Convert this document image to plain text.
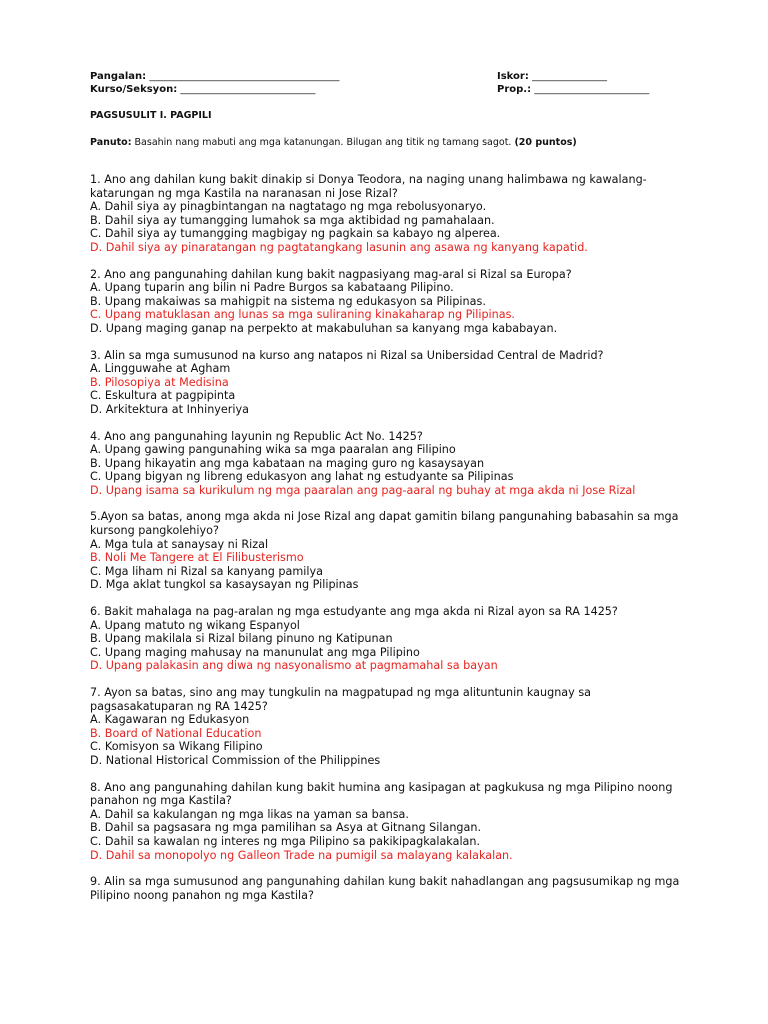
Pangalan: ______________________________________	Iskor: _______________
Kurso/Seksyon: ___________________________	Prop.: _______________________
PAGSUSULIT I. PAGPILI
Panuto: Basahin nang mabuti ang mga katanungan. Bilugan ang titik ng tamang sagot. (20 puntos)

1. Ano ang dahilan kung bakit dinakip si Donya Teodora, na naging unang halimbawa ng kawalang-katarungan ng mga Kastila na naranasan ni Jose Rizal?

A. Dahil siya ay pinagbintangan na nagtatago ng mga rebolusyonaryo.

B. Dahil siya ay tumangging lumahok sa mga aktibidad ng pamahalaan.

C. Dahil siya ay tumangging magbigay ng pagkain sa kabayo ng alperea.

D. Dahil siya ay pinaratangan ng pagtatangkang lasunin ang asawa ng kanyang kapatid.

2. Ano ang pangunahing dahilan kung bakit nagpasiyang mag-aral si Rizal sa Europa?

A. Upang tuparin ang bilin ni Padre Burgos sa kabataang Pilipino.

B. Upang makaiwas sa mahigpit na sistema ng edukasyon sa Pilipinas.

C. Upang matuklasan ang lunas sa mga suliraning kinakaharap ng Pilipinas.

D. Upang maging ganap na perpekto at makabuluhan sa kanyang mga kababayan.

3. Alin sa mga sumusunod na kurso ang natapos ni Rizal sa Unibersidad Central de Madrid?

A. Lingguwahe at Agham

B. Pilosopiya at Medisina

C. Eskultura at pagpipinta

D. Arkitektura at Inhinyeriya

4. Ano ang pangunahing layunin ng Republic Act No. 1425?

A. Upang gawing pangunahing wika sa mga paaralan ang Filipino

B. Upang hikayatin ang mga kabataan na maging guro ng kasaysayan

C. Upang bigyan ng libreng edukasyon ang lahat ng estudyante sa Pilipinas

D. Upang isama sa kurikulum ng mga paaralan ang pag-aaral ng buhay at mga akda ni Jose Rizal

5.Ayon sa batas, anong mga akda ni Jose Rizal ang dapat gamitin bilang pangunahing babasahin sa mga kursong pangkolehiyo?

A. Mga tula at sanaysay ni Rizal

B. Noli Me Tangere at El Filibusterismo

C. Mga liham ni Rizal sa kanyang pamilya

D. Mga aklat tungkol sa kasaysayan ng Pilipinas

6. Bakit mahalaga na pag-aralan ng mga estudyante ang mga akda ni Rizal ayon sa RA 1425?

A. Upang matuto ng wikang Espanyol

B. Upang makilala si Rizal bilang pinuno ng Katipunan

C. Upang maging mahusay na manunulat ang mga Pilipino

D. Upang palakasin ang diwa ng nasyonalismo at pagmamahal sa bayan

7. Ayon sa batas, sino ang may tungkulin na magpatupad ng mga alituntunin kaugnay sa pagsasakatuparan ng RA 1425?

A. Kagawaran ng Edukasyon

B. Board of National Education

C. Komisyon sa Wikang Filipino

D. National Historical Commission of the Philippines

8. Ano ang pangunahing dahilan kung bakit humina ang kasipagan at pagkukusa ng mga Pilipino noong panahon ng mga Kastila?

A. Dahil sa kakulangan ng mga likas na yaman sa bansa.

B. Dahil sa pagsasara ng mga pamilihan sa Asya at Gitnang Silangan.

C. Dahil sa kawalan ng interes ng mga Pilipino sa pakikipagkalakalan.

D. Dahil sa monopolyo ng Galleon Trade na pumigil sa malayang kalakalan.

9. Alin sa mga sumusunod ang pangunahing dahilan kung bakit nahadlangan ang pagsusumikap ng mga Pilipino noong panahon ng mga Kastila?
